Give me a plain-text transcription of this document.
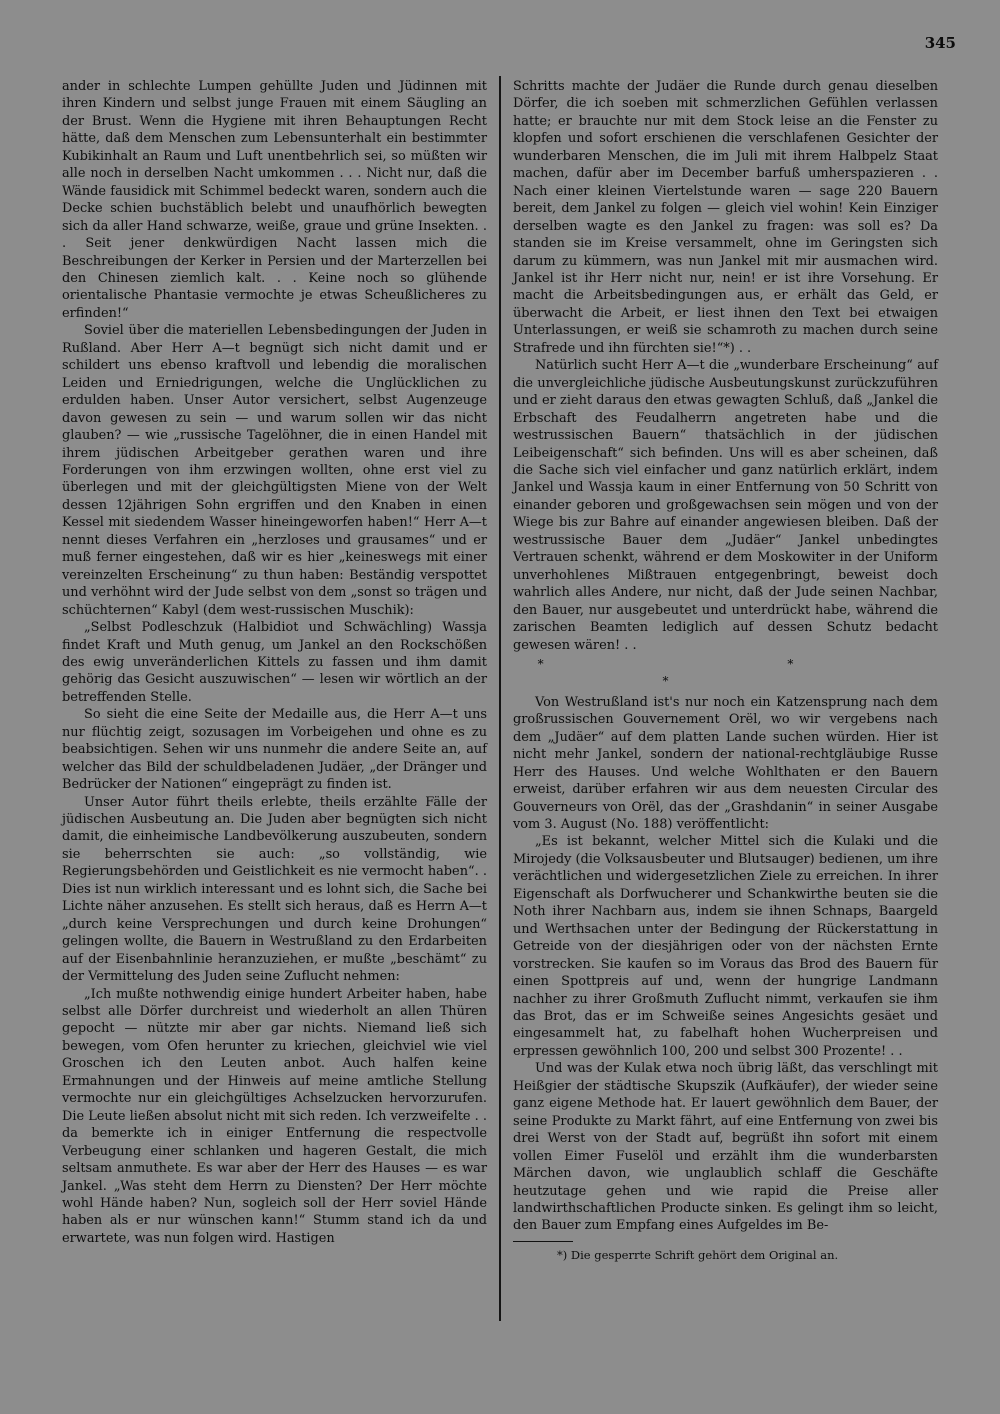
345

ander in schlechte Lumpen gehüllte Juden und Jüdinnen mit ihren Kindern und selbst junge Frauen mit einem Säugling an der Brust. Wenn die Hygiene mit ihren Behauptungen Recht hätte, daß dem Menschen zum Lebensunterhalt ein bestimmter Kubikinhalt an Raum und Luft unentbehrlich sei, so müßten wir alle noch in derselben Nacht umkommen . . . Nicht nur, daß die Wände fausidick mit Schimmel bedeckt waren, sondern auch die Decke schien buchstäblich belebt und unaufhörlich bewegten sich da aller Hand schwarze, weiße, graue und grüne Insekten. . . Seit jener denkwürdigen Nacht lassen mich die Beschreibungen der Kerker in Persien und der Marterzellen bei den Chinesen ziemlich kalt. . . Keine noch so glühende orientalische Phantasie vermochte je etwas Scheußlicheres zu erfinden!“

Soviel über die materiellen Lebensbedingungen der Juden in Rußland. Aber Herr A—t begnügt sich nicht damit und er schildert uns ebenso kraftvoll und lebendig die moralischen Leiden und Erniedrigungen, welche die Unglücklichen zu erdulden haben. Unser Autor versichert, selbst Augenzeuge davon gewesen zu sein — und warum sollen wir das nicht glauben? — wie „russische Tagelöhner, die in einen Handel mit ihrem jüdischen Arbeitgeber gerathen waren und ihre Forderungen von ihm erzwingen wollten, ohne erst viel zu überlegen und mit der gleichgültigsten Miene von der Welt dessen 12jährigen Sohn ergriffen und den Knaben in einen Kessel mit siedendem Wasser hineingeworfen haben!“ Herr A—t nennt dieses Verfahren ein „herzloses und grausames“ und er muß ferner eingestehen, daß wir es hier „keineswegs mit einer vereinzelten Erscheinung“ zu thun haben: Beständig verspottet und verhöhnt wird der Jude selbst von dem „sonst so trägen und schüchternen“ Kabyl (dem west-russischen Muschik):

„Selbst Podleschzuk (Halbidiot und Schwächling) Wassja findet Kraft und Muth genug, um Jankel an den Rockschößen des ewig unveränderlichen Kittels zu fassen und ihm damit gehörig das Gesicht auszuwischen“ — lesen wir wörtlich an der betreffenden Stelle.

So sieht die eine Seite der Medaille aus, die Herr A—t uns nur flüchtig zeigt, sozusagen im Vorbeigehen und ohne es zu beabsichtigen. Sehen wir uns nunmehr die andere Seite an, auf welcher das Bild der schuldbeladenen Judäer, „der Dränger und Bedrücker der Nationen“ eingeprägt zu finden ist.

Unser Autor führt theils erlebte, theils erzählte Fälle der jüdischen Ausbeutung an. Die Juden aber begnügten sich nicht damit, die einheimische Landbevölkerung auszubeuten, sondern sie beherrschten sie auch: „so vollständig, wie Regierungsbehörden und Geistlichkeit es nie vermocht haben“. . Dies ist nun wirklich interessant und es lohnt sich, die Sache bei Lichte näher anzusehen. Es stellt sich heraus, daß es Herrn A—t „durch keine Versprechungen und durch keine Drohungen“ gelingen wollte, die Bauern in Westrußland zu den Erdarbeiten auf der Eisenbahnlinie heranzuziehen, er mußte „beschämt“ zu der Vermittelung des Juden seine Zuflucht nehmen:

„Ich mußte nothwendig einige hundert Arbeiter haben, habe selbst alle Dörfer durchreist und wiederholt an allen Thüren gepocht — nützte mir aber gar nichts. Niemand ließ sich bewegen, vom Ofen herunter zu kriechen, gleichviel wie viel Groschen ich den Leuten anbot. Auch halfen keine Ermahnungen und der Hinweis auf meine amtliche Stellung vermochte nur ein gleichgültiges Achselzucken hervorzurufen. Die Leute ließen absolut nicht mit sich reden. Ich verzweifelte . . da bemerkte ich in einiger Entfernung die respectvolle Verbeugung einer schlanken und hageren Gestalt, die mich seltsam anmuthete. Es war aber der Herr des Hauses — es war Jankel. „Was steht dem Herrn zu Diensten? Der Herr möchte wohl Hände haben? Nun, sogleich soll der Herr soviel Hände haben als er nur wünschen kann!“ Stumm stand ich da und erwartete, was nun folgen wird. Hastigen

Schritts machte der Judäer die Runde durch genau dieselben Dörfer, die ich soeben mit schmerzlichen Gefühlen verlassen hatte; er brauchte nur mit dem Stock leise an die Fenster zu klopfen und sofort erschienen die verschlafenen Gesichter der wunderbaren Menschen, die im Juli mit ihrem Halbpelz Staat machen, dafür aber im December barfuß umherspazieren . . Nach einer kleinen Viertelstunde waren — sage 220 Bauern bereit, dem Jankel zu folgen — gleich viel wohin! Kein Einziger derselben wagte es den Jankel zu fragen: was soll es? Da standen sie im Kreise versammelt, ohne im Geringsten sich darum zu kümmern, was nun Jankel mit mir ausmachen wird. Jankel ist ihr Herr nicht nur, nein! er ist ihre Vorsehung. Er macht die Arbeitsbedingungen aus, er erhält das Geld, er überwacht die Arbeit, er liest ihnen den Text bei etwaigen Unterlassungen, er weiß sie schamroth zu machen durch seine Strafrede und ihn fürchten sie!“*) . .

Natürlich sucht Herr A—t die „wunderbare Erscheinung“ auf die unvergleichliche jüdische Ausbeutungskunst zurückzuführen und er zieht daraus den etwas gewagten Schluß, daß „Jankel die Erbschaft des Feudalherrn angetreten habe und die westrussischen Bauern“ thatsächlich in der jüdischen Leibeigenschaft“ sich befinden. Uns will es aber scheinen, daß die Sache sich viel einfacher und ganz natürlich erklärt, indem Jankel und Wassja kaum in einer Entfernung von 50 Schritt von einander geboren und großgewachsen sein mögen und von der Wiege bis zur Bahre auf einander angewiesen bleiben. Daß der westrussische Bauer dem „Judäer“ Jankel unbedingtes Vertrauen schenkt, während er dem Moskowiter in der Uniform unverhohlenes Mißtrauen entgegenbringt, beweist doch wahrlich alles Andere, nur nicht, daß der Jude seinen Nachbar, den Bauer, nur ausgebeutet und unterdrückt habe, während die zarischen Beamten lediglich auf dessen Schutz bedacht gewesen wären! . .

* * *

Von Westrußland ist's nur noch ein Katzensprung nach dem großrussischen Gouvernement Orël, wo wir vergebens nach dem „Judäer“ auf dem platten Lande suchen würden. Hier ist nicht mehr Jankel, sondern der national-rechtgläubige Russe Herr des Hauses. Und welche Wohlthaten er den Bauern erweist, darüber erfahren wir aus dem neuesten Circular des Gouverneurs von Orël, das der „Grashdanin“ in seiner Ausgabe vom 3. August (No. 188) veröffentlicht:

„Es ist bekannt, welcher Mittel sich die Kulaki und die Mirojedy (die Volksausbeuter und Blutsauger) bedienen, um ihre verächtlichen und widergesetzlichen Ziele zu erreichen. In ihrer Eigenschaft als Dorfwucherer und Schankwirthe beuten sie die Noth ihrer Nachbarn aus, indem sie ihnen Schnaps, Baargeld und Werthsachen unter der Bedingung der Rückerstattung in Getreide von der diesjährigen oder von der nächsten Ernte vorstrecken. Sie kaufen so im Voraus das Brod des Bauern für einen Spottpreis auf und, wenn der hungrige Landmann nachher zu ihrer Großmuth Zuflucht nimmt, verkaufen sie ihm das Brot, das er im Schweiße seines Angesichts gesäet und eingesammelt hat, zu fabelhaft hohen Wucherpreisen und erpressen gewöhnlich 100, 200 und selbst 300 Prozente! . .

Und was der Kulak etwa noch übrig läßt, das verschlingt mit Heißgier der städtische Skupszik (Aufkäufer), der wieder seine ganz eigene Methode hat. Er lauert gewöhnlich dem Bauer, der seine Produkte zu Markt fährt, auf eine Entfernung von zwei bis drei Werst von der Stadt auf, begrüßt ihn sofort mit einem vollen Eimer Fuselöl und erzählt ihm die wunderbarsten Märchen davon, wie unglaublich schlaff die Geschäfte heutzutage gehen und wie rapid die Preise aller landwirthschaftlichen Producte sinken. Es gelingt ihm so leicht, den Bauer zum Empfang eines Aufgeldes im Be-

*) Die gesperrte Schrift gehört dem Original an.
